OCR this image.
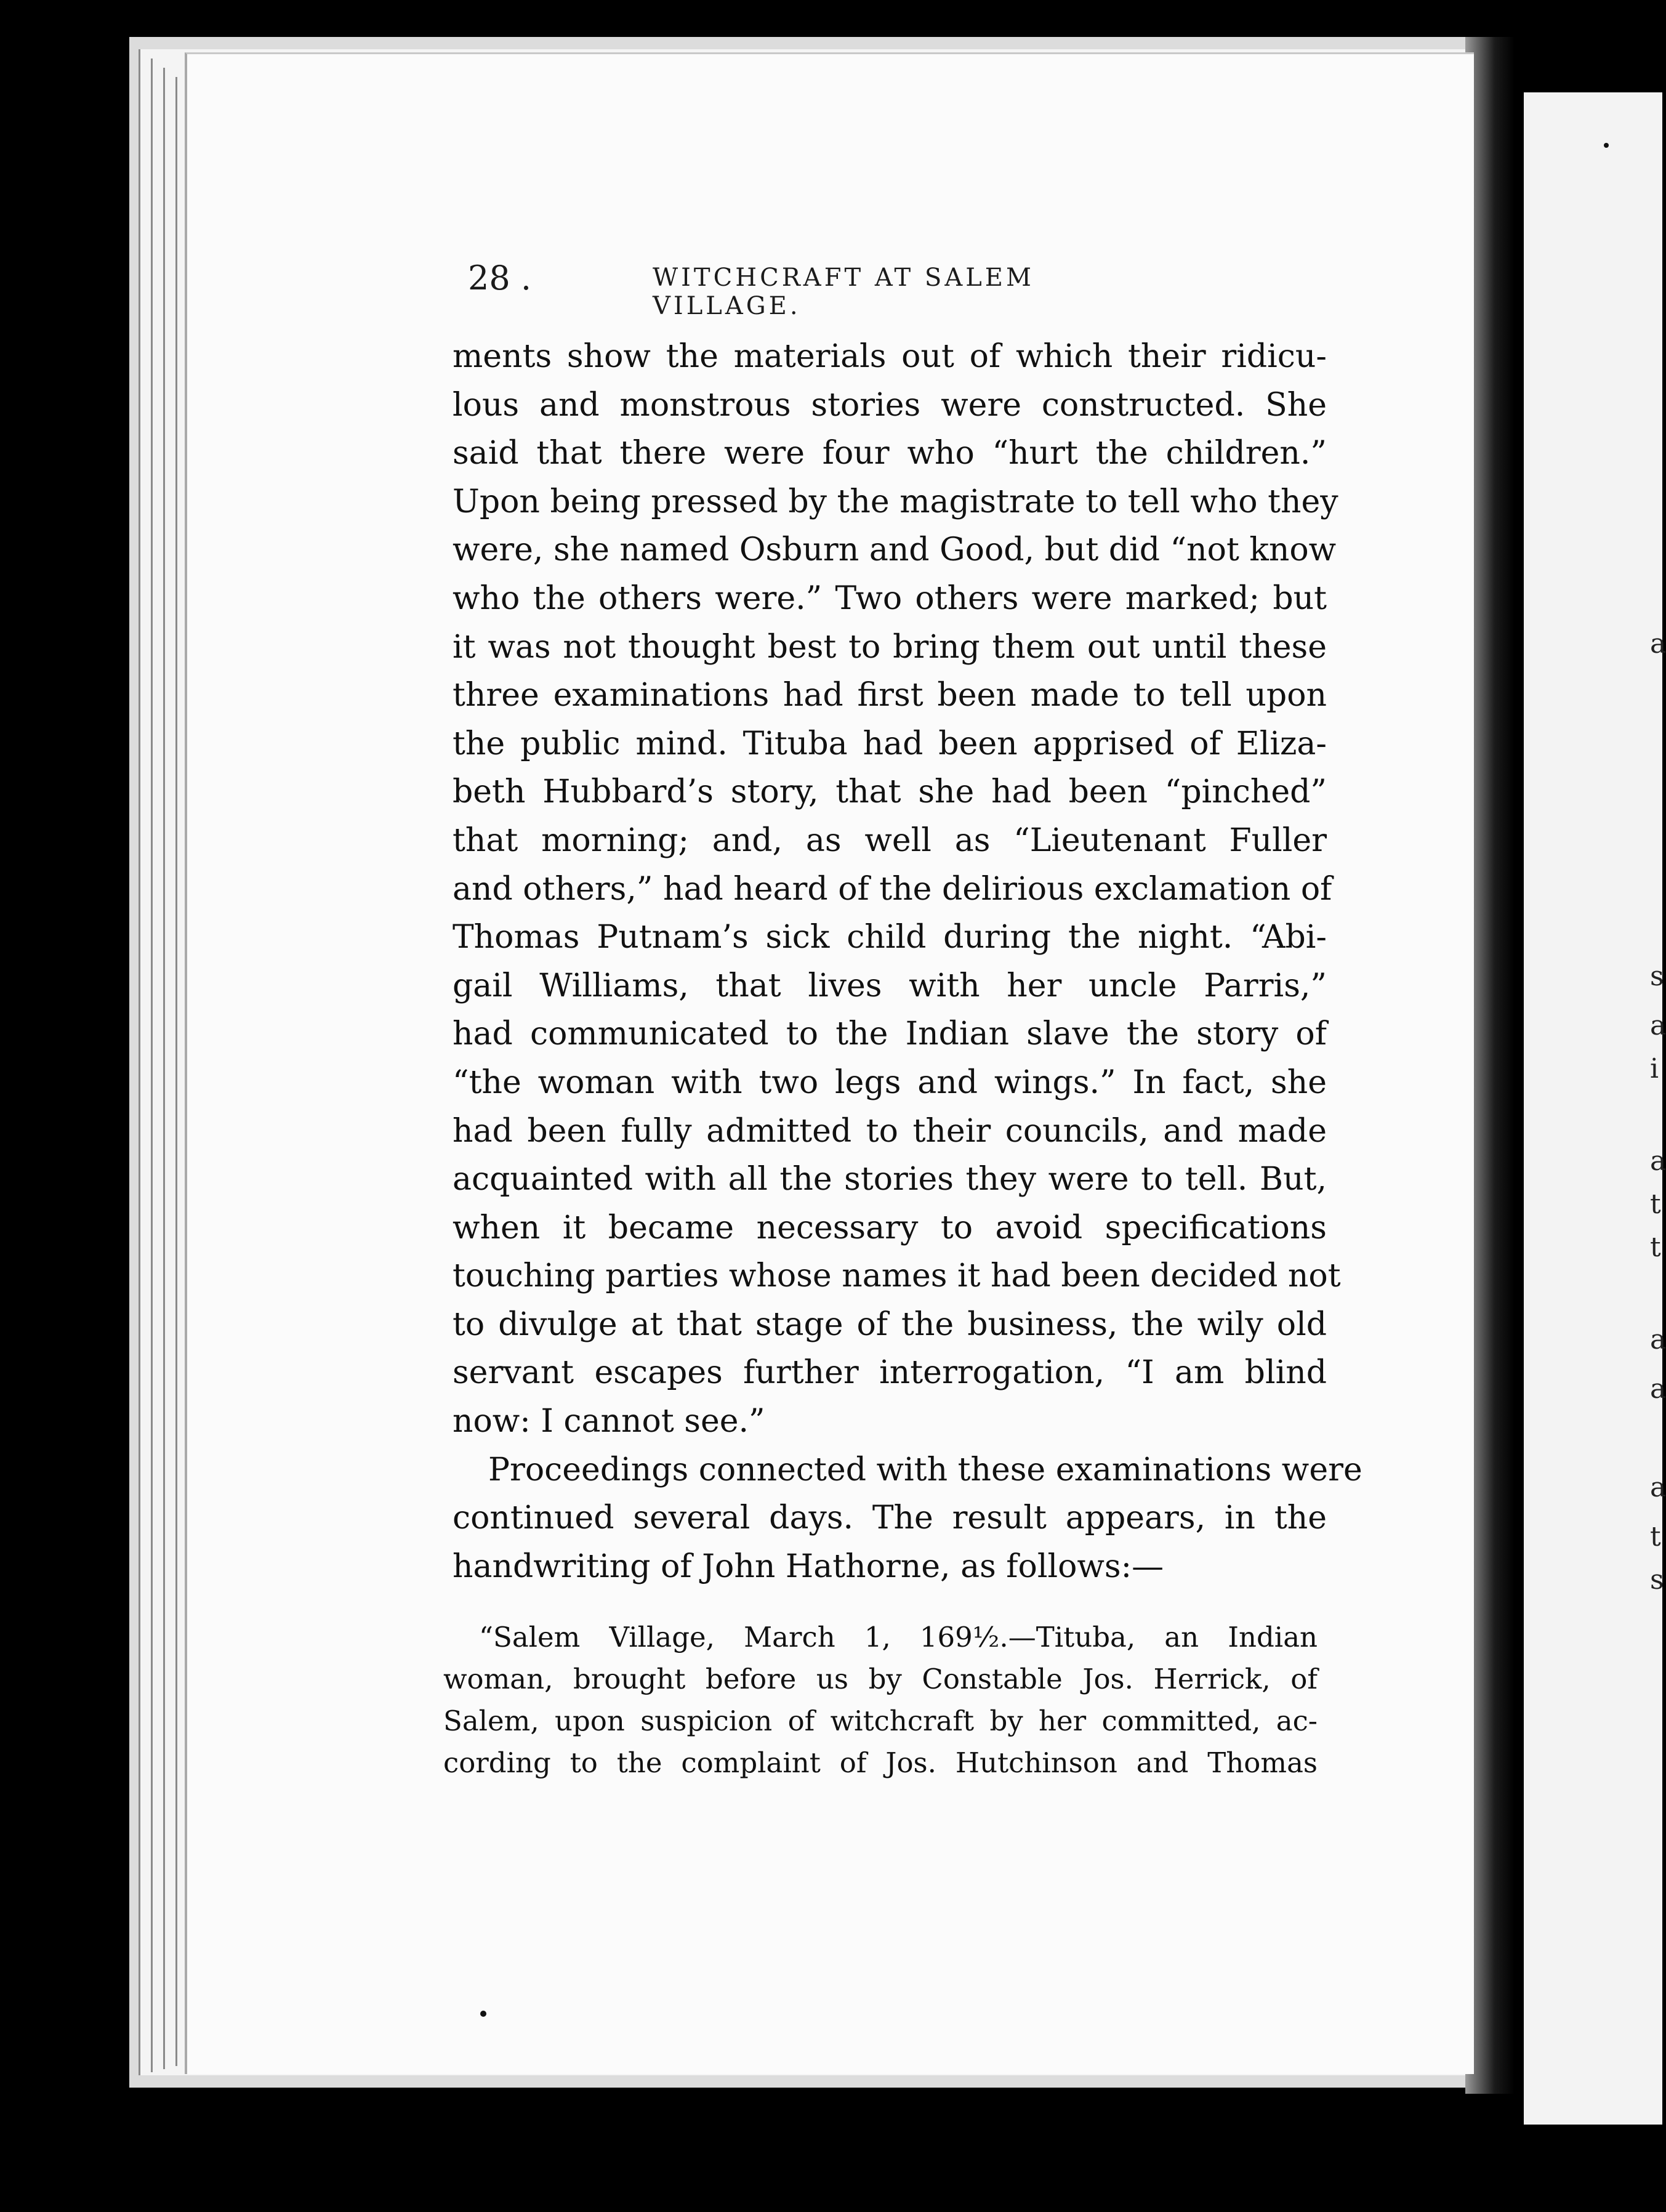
a
a
a
t
t
i
s
a
a
a
t
s
28 .	WITCHCRAFT AT SALEM VILLAGE.
ments show the materials out of which their ridicu-
lous and monstrous stories were constructed. She
said that there were four who “hurt the children.”
Upon being pressed by the magistrate to tell who they
were, she named Osburn and Good, but did “not know
who the others were.” Two others were marked; but
it was not thought best to bring them out until these
three examinations had first been made to tell upon
the public mind. Tituba had been apprised of Eliza-
beth Hubbard’s story, that she had been “pinched”
that morning; and, as well as “Lieutenant Fuller
and others,” had heard of the delirious exclamation of
Thomas Putnam’s sick child during the night. “Abi-
gail Williams, that lives with her uncle Parris,”
had communicated to the Indian slave the story of
“the woman with two legs and wings.” In fact, she
had been fully admitted to their councils, and made
acquainted with all the stories they were to tell. But,
when it became necessary to avoid specifications
touching parties whose names it had been decided not
to divulge at that stage of the business, the wily old
servant escapes further interrogation, “I am blind
now: I cannot see.”
Proceedings connected with these examinations were
continued several days. The result appears, in the
handwriting of John Hathorne, as follows:—
“Salem Village, March 1, 169½.—Tituba, an Indian
woman, brought before us by Constable Jos. Herrick, of
Salem, upon suspicion of witchcraft by her committed, ac-
cording to the complaint of Jos. Hutchinson and Thomas
